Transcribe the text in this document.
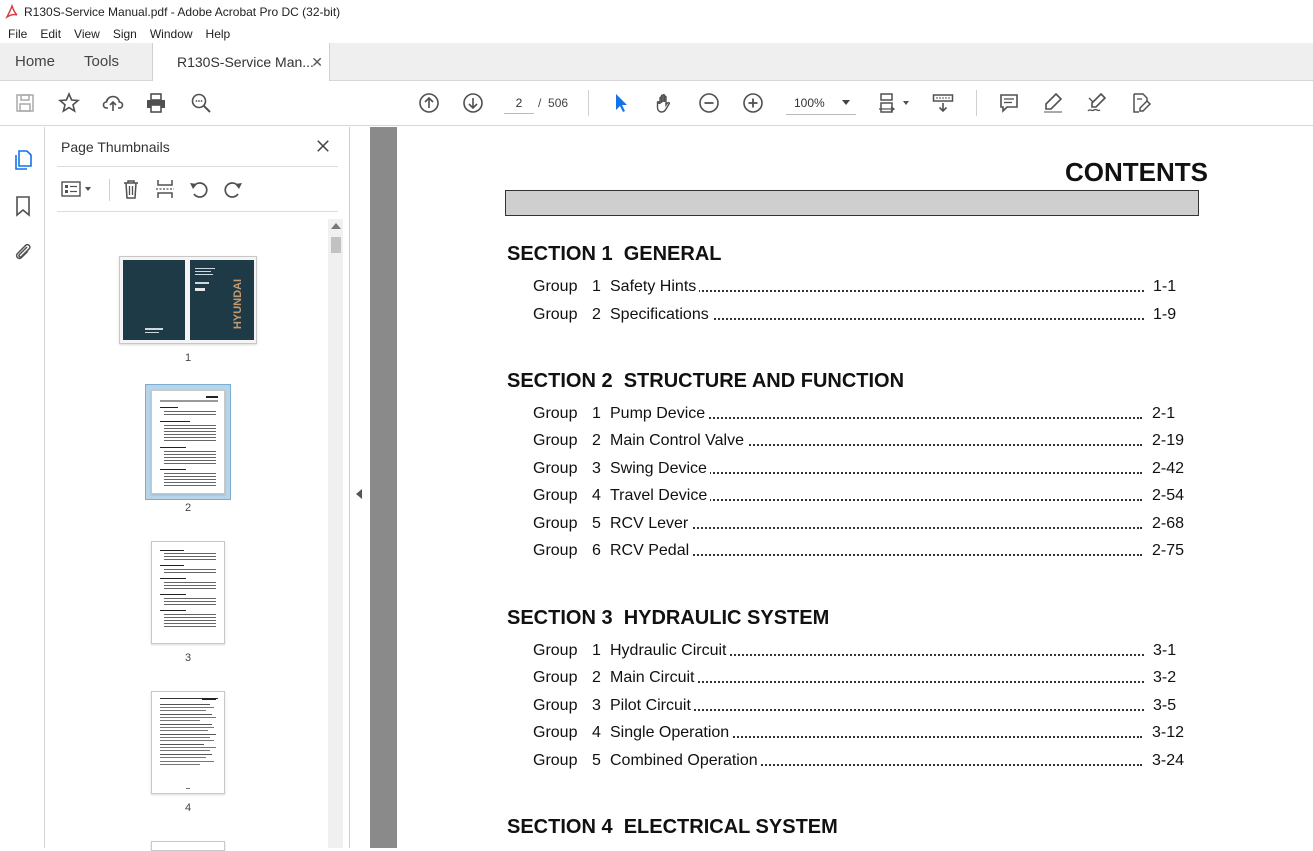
R130S-Service Manual.pdf - Adobe Acrobat Pro DC (32-bit)
File	Edit	View	Sign	Window	Help
Home	Tools	R130S-Service Man...
✕
2
/ 506	100%
Page Thumbnails
HYUNDAI
1
2
3
4
CONTENTS
SECTION 1  GENERAL
Group 1 Safety Hints	1-1
Group 2 Specifications	1-9
SECTION 2  STRUCTURE AND FUNCTION
Group 1 Pump Device	2-1
Group 2 Main Control Valve	2-19
Group 3 Swing Device	2-42
Group 4 Travel Device	2-54
Group 5 RCV Lever	2-68
Group 6 RCV Pedal	2-75
SECTION 3  HYDRAULIC SYSTEM
Group 1 Hydraulic Circuit	3-1
Group 2 Main Circuit	3-2
Group 3 Pilot Circuit	3-5
Group 4 Single Operation	3-12
Group 5 Combined Operation	3-24
SECTION 4  ELECTRICAL SYSTEM
